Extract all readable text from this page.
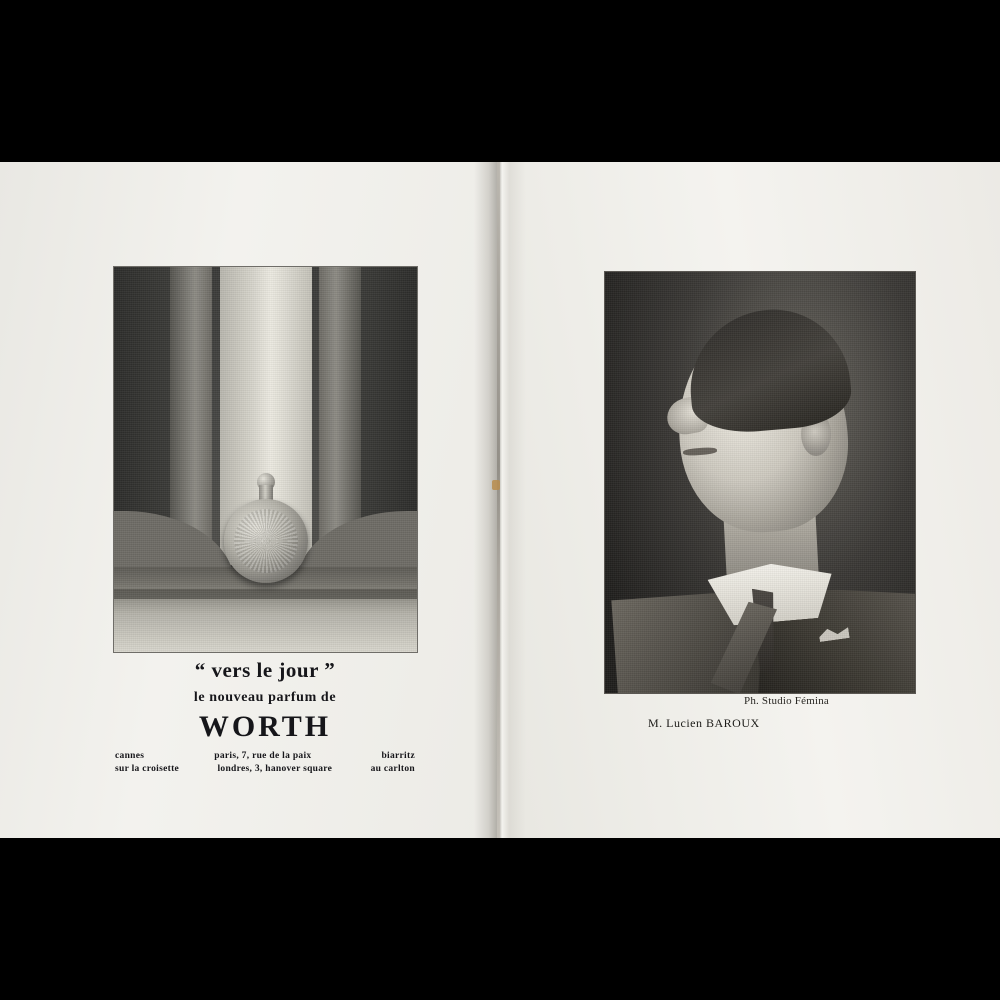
“ vers le jour ”
le nouveau parfum de
WORTH
cannes	paris, 7, rue de la paix	biarritz
sur la croisette	londres, 3, hanover square	au carlton
Ph. Studio Fémina
M. Lucien BAROUX
